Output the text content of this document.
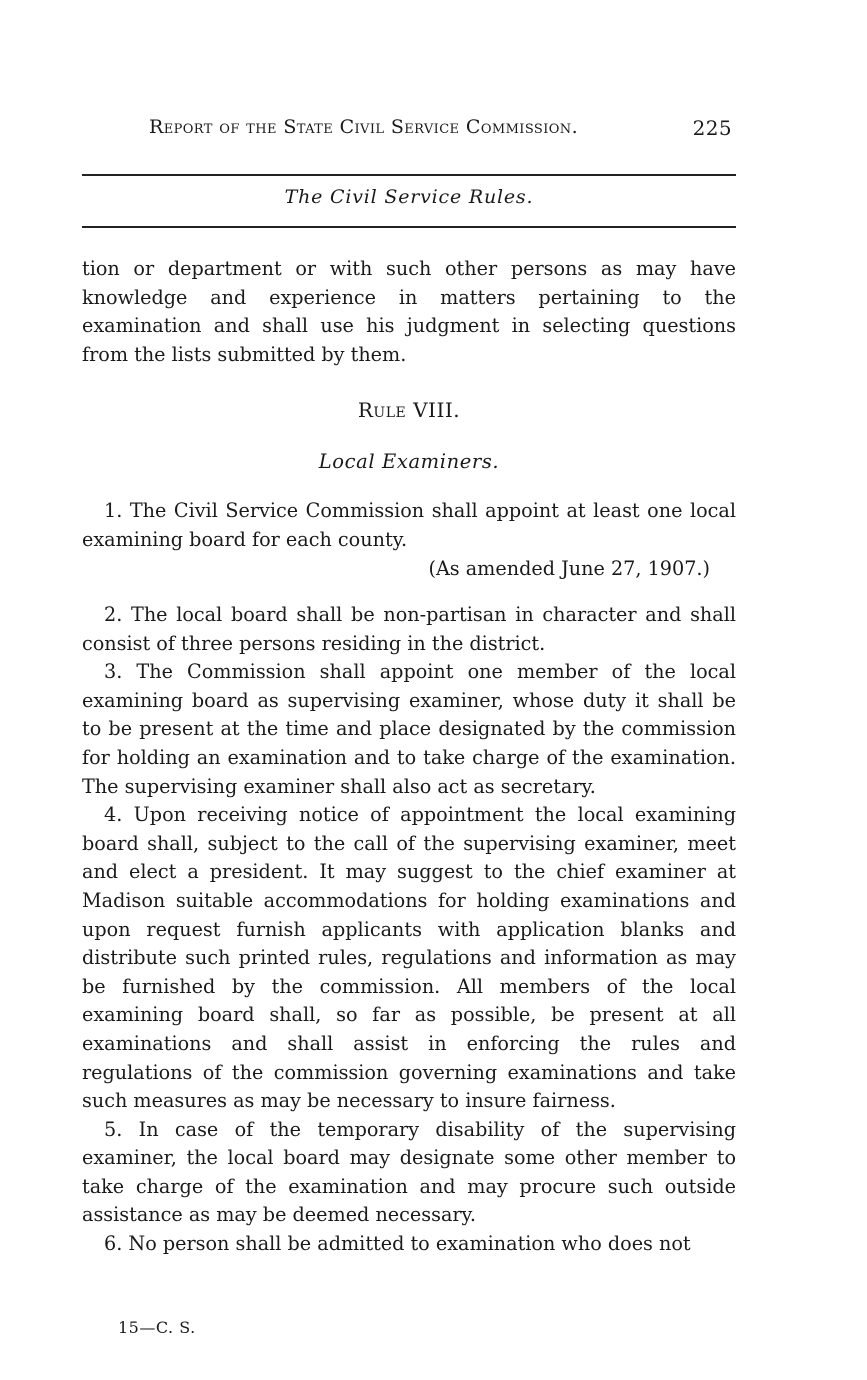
Report of the State Civil Service Commission.	225
The Civil Service Rules.

tion or department or with such other persons as may have knowledge and experience in matters pertaining to the examination and shall use his judgment in selecting questions from the lists submitted by them.

Rule VIII.
Local Examiners.

1. The Civil Service Commission shall appoint at least one local examining board for each county.

(As amended June 27, 1907.)

2. The local board shall be non-partisan in character and shall consist of three persons residing in the district.

3. The Commission shall appoint one member of the local examining board as supervising examiner, whose duty it shall be to be present at the time and place designated by the commission for holding an examination and to take charge of the examination. The supervising examiner shall also act as secretary.

4. Upon receiving notice of appointment the local examining board shall, subject to the call of the supervising examiner, meet and elect a president. It may suggest to the chief examiner at Madison suitable accommodations for holding examinations and upon request furnish applicants with application blanks and distribute such printed rules, regulations and information as may be furnished by the commission. All members of the local examining board shall, so far as possible, be present at all examinations and shall assist in enforcing the rules and regulations of the commission governing examinations and take such measures as may be necessary to insure fairness.

5. In case of the temporary disability of the supervising examiner, the local board may designate some other member to take charge of the examination and may procure such outside assistance as may be deemed necessary.

6. No person shall be admitted to examination who does not

15—C. S.
